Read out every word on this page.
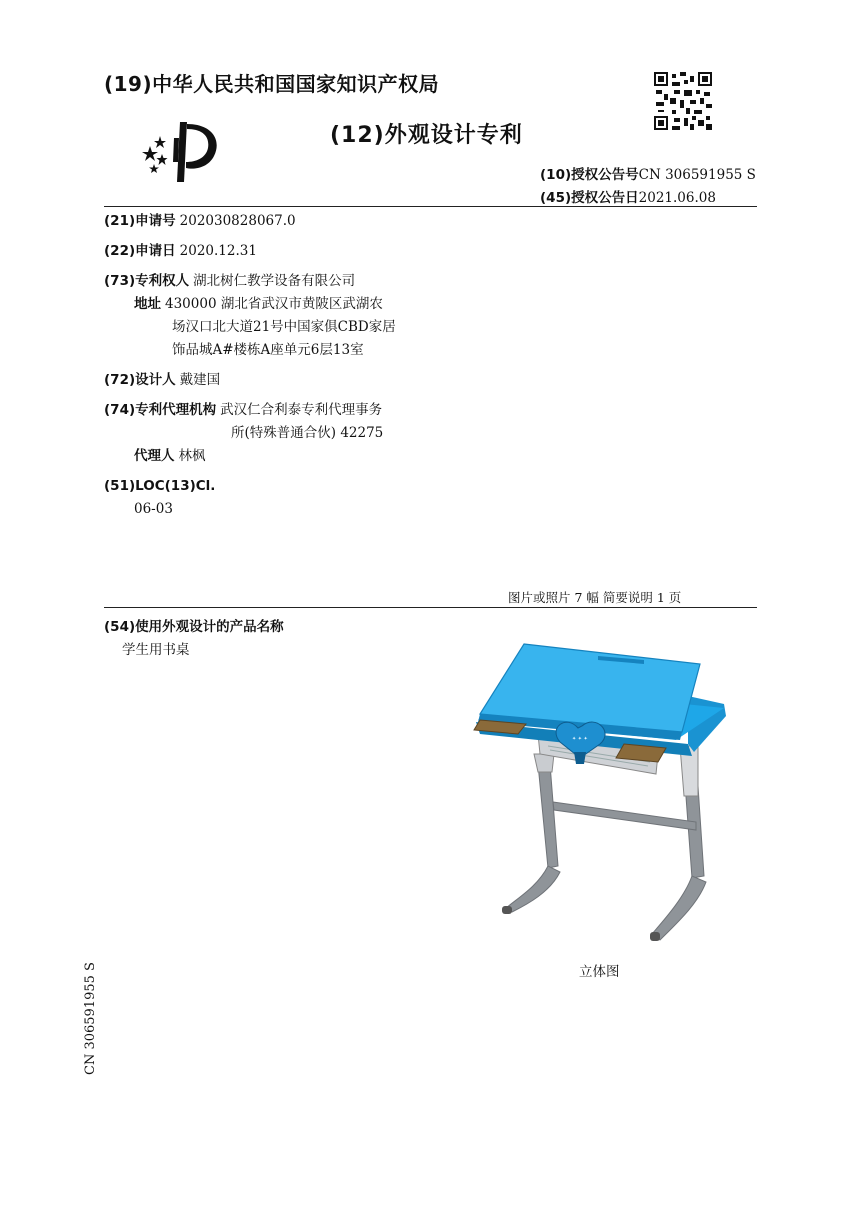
(19)中华人民共和国国家知识产权局
(12)外观设计专利
(10)授权公告号CN 306591955 S
(45)授权公告日2021.06.08
(21)申请号 202030828067.0
(22)申请日 2020.12.31
(73)专利权人 湖北树仁教学设备有限公司
地址 430000 湖北省武汉市黄陂区武湖农
场汉口北大道21号中国家俱CBD家居
饰品城A#楼栋A座单元6层13室
(72)设计人 戴建国
(74)专利代理机构 武汉仁合利泰专利代理事务
所(特殊普通合伙) 42275
代理人 林枫
(51)LOC(13)Cl.
06-03
图片或照片 7 幅 简要说明 1 页
(54)使用外观设计的产品名称
学生用书桌
✦ ✦ ✦
立体图
CN 306591955 S
